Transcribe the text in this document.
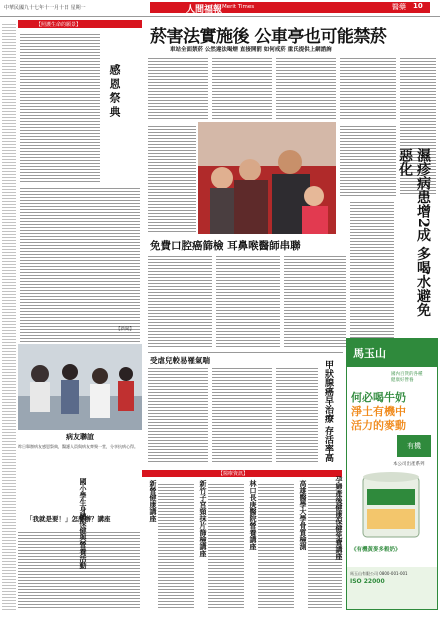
中華民國九十七年十一月十日 星期一	人間福報 Merit Times	醫藥 10
【照護生命的願景】
感恩祭典
【新聞】
病友聯誼
昨日舉辦病友感恩祭典，醫護人員與病友齊聚一堂，分享抗病心得。
菸害法實施後 公車亭也可能禁菸
車站全面禁菸 公然違法喝煙 直接開罰 如何戒菸 重氏提供上網諮詢
濕疹病患增2成 多喝水避免惡化
免費口腔癌篩檢 耳鼻喉醫師串聯
受虐兒較易罹氣喘	甲狀腺癌早治療 存活率高
馬玉山
國內百貨的各種
健康好營養
何必喝牛奶
淨土有機中
活力的麥動
有機
本公司出產系列
《有機黃麥多穀奶》
馬玉山有限公司 0800-001-001
ISO 22000
【醫療資訊】
「我就是要！」怎麼辦？講座
國小學生身體保健與營養活動	新營健康講座	新竹子宮頸抹片篩檢講座	林口長庚醫院營養講座	高雄醫學大學骨質檢測	孕婦產後健康保健免費講座
